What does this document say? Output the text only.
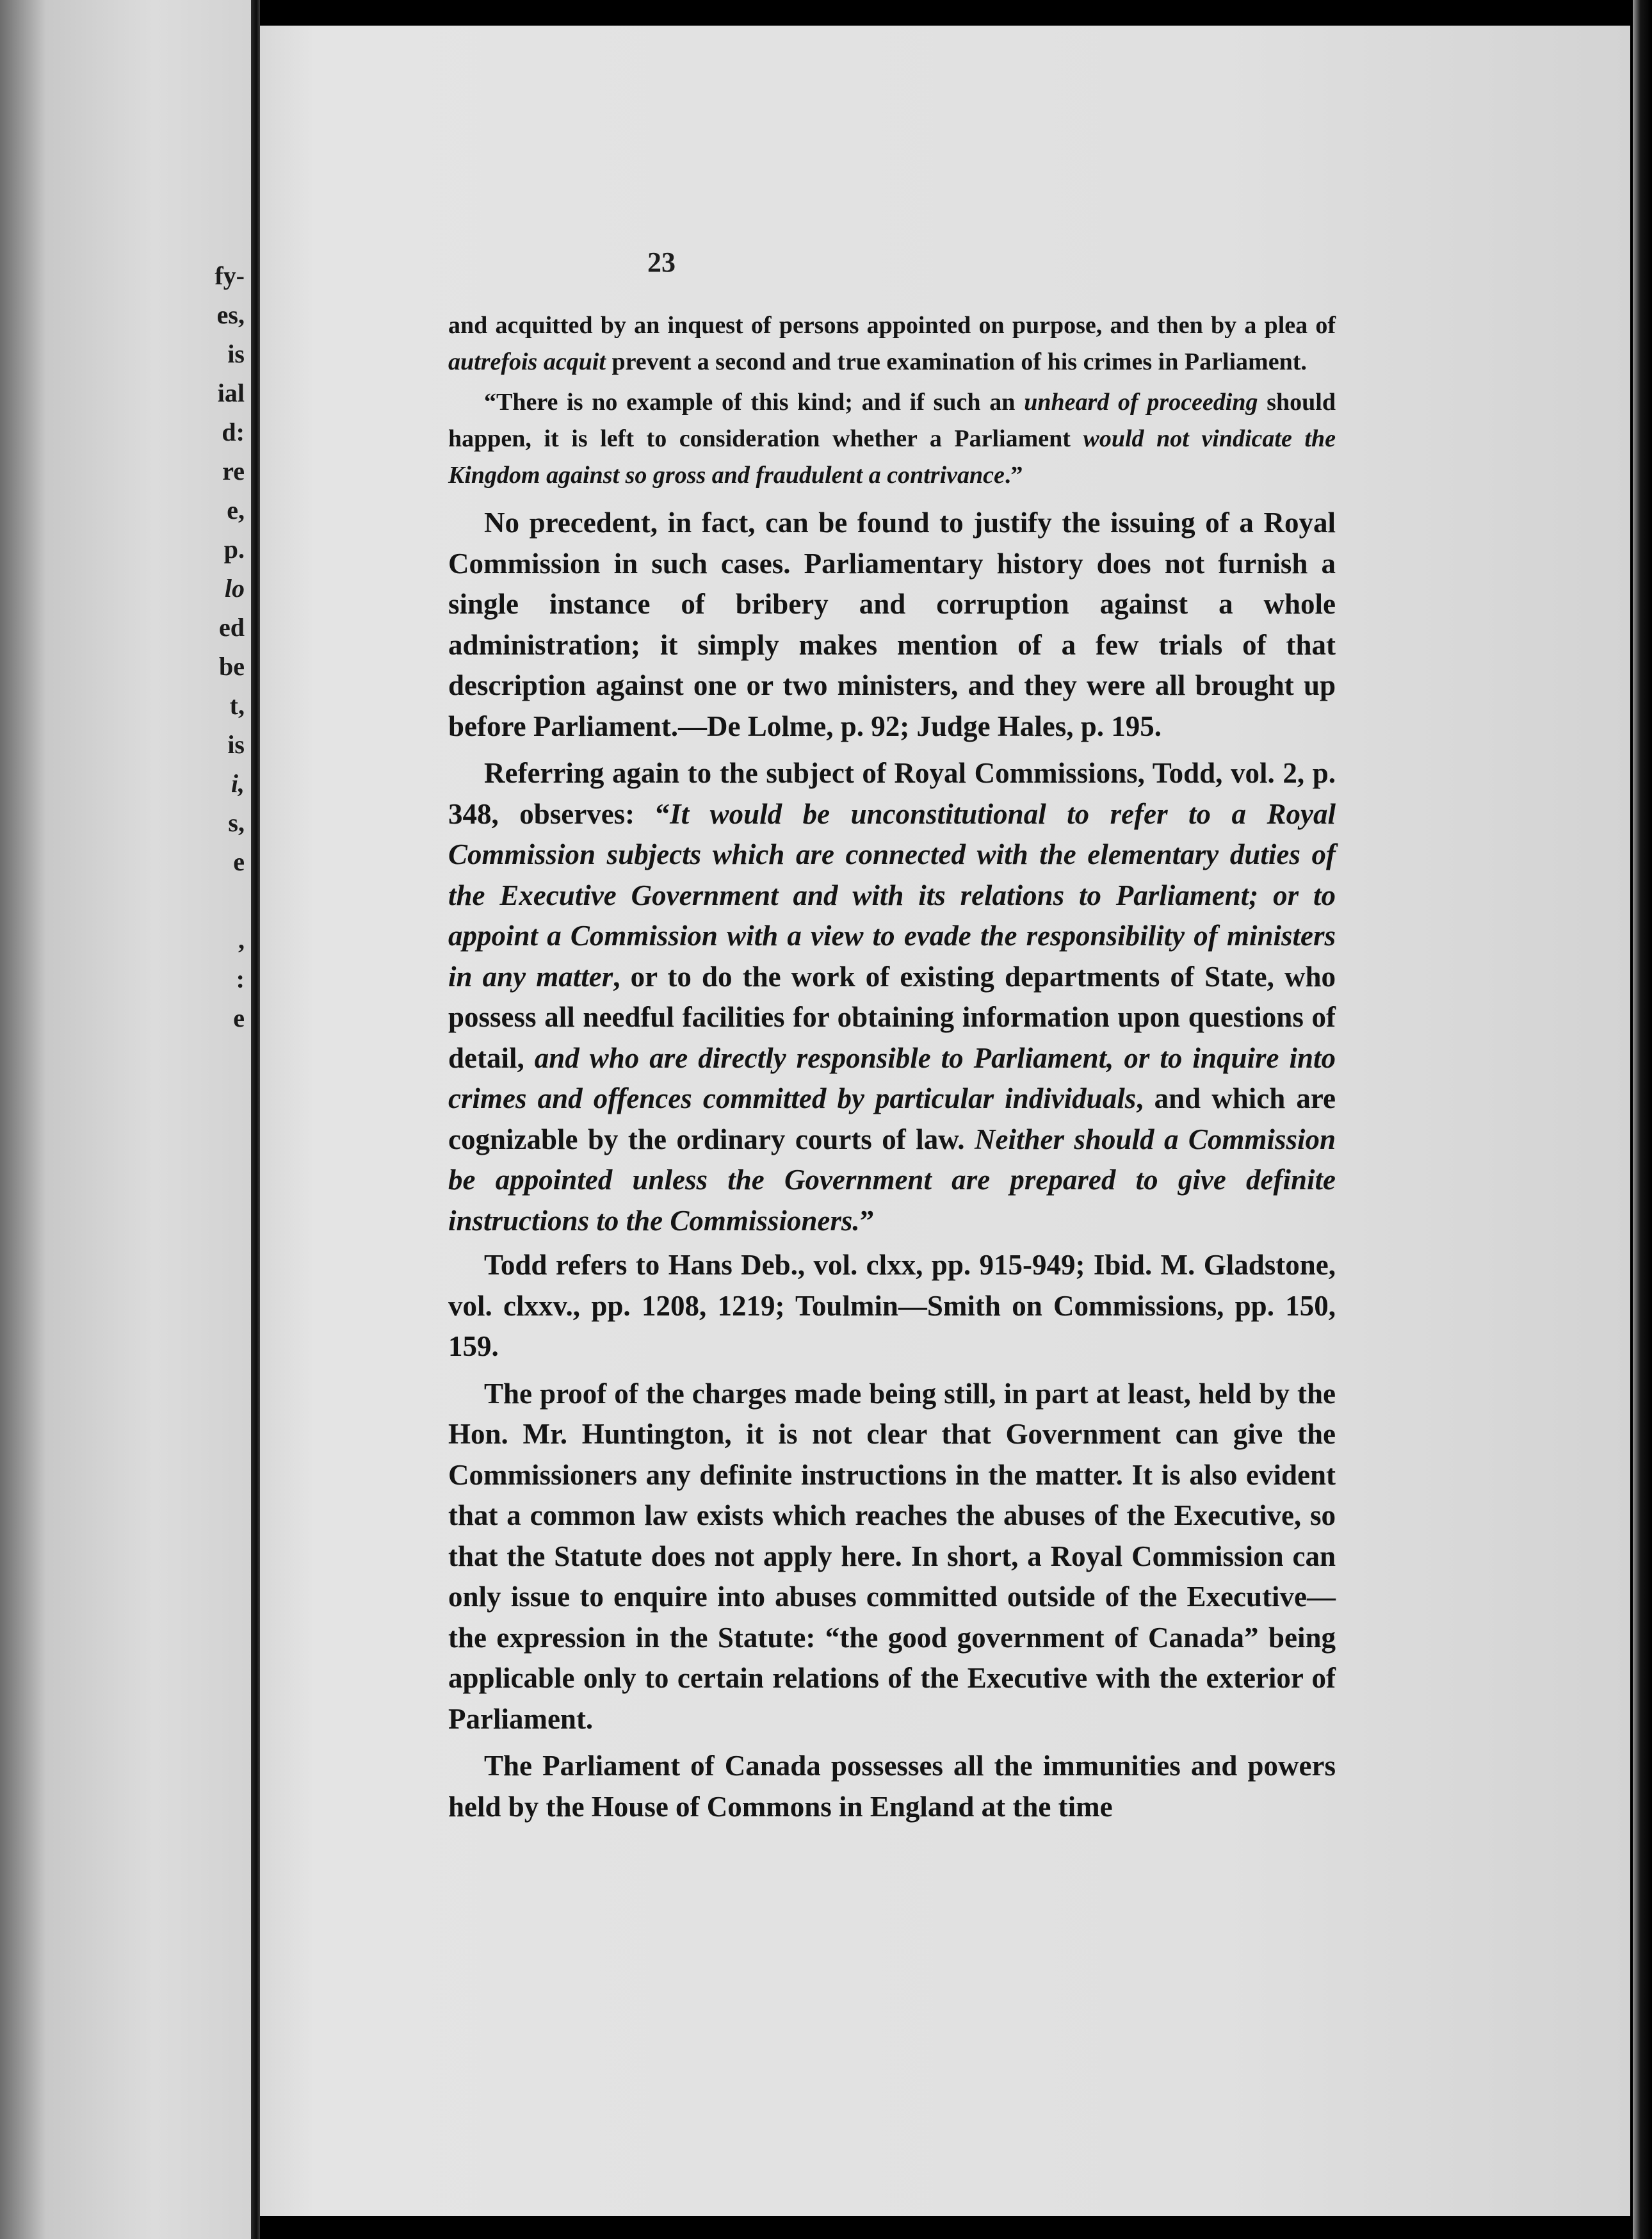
fy-
es,
is
ial
d:
re
e,
p.
lo
ed
be
t,
is
i,
s,
e
,
:
e

23

and acquitted by an inquest of persons appointed on purpose, and then by a plea of autrefois acquit prevent a second and true examination of his crimes in Parliament.

“There is no example of this kind; and if such an unheard of proceeding should happen, it is left to consideration whether a Parliament would not vindicate the Kingdom against so gross and fraudulent a contrivance.”

No precedent, in fact, can be found to justify the issuing of a Royal Commission in such cases. Parliamentary history does not furnish a single instance of bribery and corruption against a whole administration; it simply makes mention of a few trials of that description against one or two ministers, and they were all brought up before Parliament.—De Lolme, p. 92; Judge Hales, p. 195.

Referring again to the subject of Royal Commissions, Todd, vol. 2, p. 348, observes: “It would be unconstitutional to refer to a Royal Commission subjects which are connected with the elementary duties of the Executive Government and with its relations to Parliament; or to appoint a Commission with a view to evade the responsibility of ministers in any matter, or to do the work of existing departments of State, who possess all needful facilities for obtaining information upon questions of detail, and who are directly responsible to Parliament, or to inquire into crimes and offences committed by particular individuals, and which are cognizable by the ordinary courts of law. Neither should a Commission be appointed unless the Government are prepared to give definite instructions to the Commissioners.”

Todd refers to Hans Deb., vol. clxx, pp. 915-949; Ibid. M. Gladstone, vol. clxxv., pp. 1208, 1219; Toulmin—Smith on Commissions, pp. 150, 159.

The proof of the charges made being still, in part at least, held by the Hon. Mr. Huntington, it is not clear that Government can give the Commissioners any definite instructions in the matter. It is also evident that a common law exists which reaches the abuses of the Executive, so that the Statute does not apply here. In short, a Royal Commission can only issue to enquire into abuses committed outside of the Executive—the expression in the Statute: “the good government of Canada” being applicable only to certain relations of the Executive with the exterior of Parliament.

The Parliament of Canada possesses all the immunities and powers held by the House of Commons in England at the time
